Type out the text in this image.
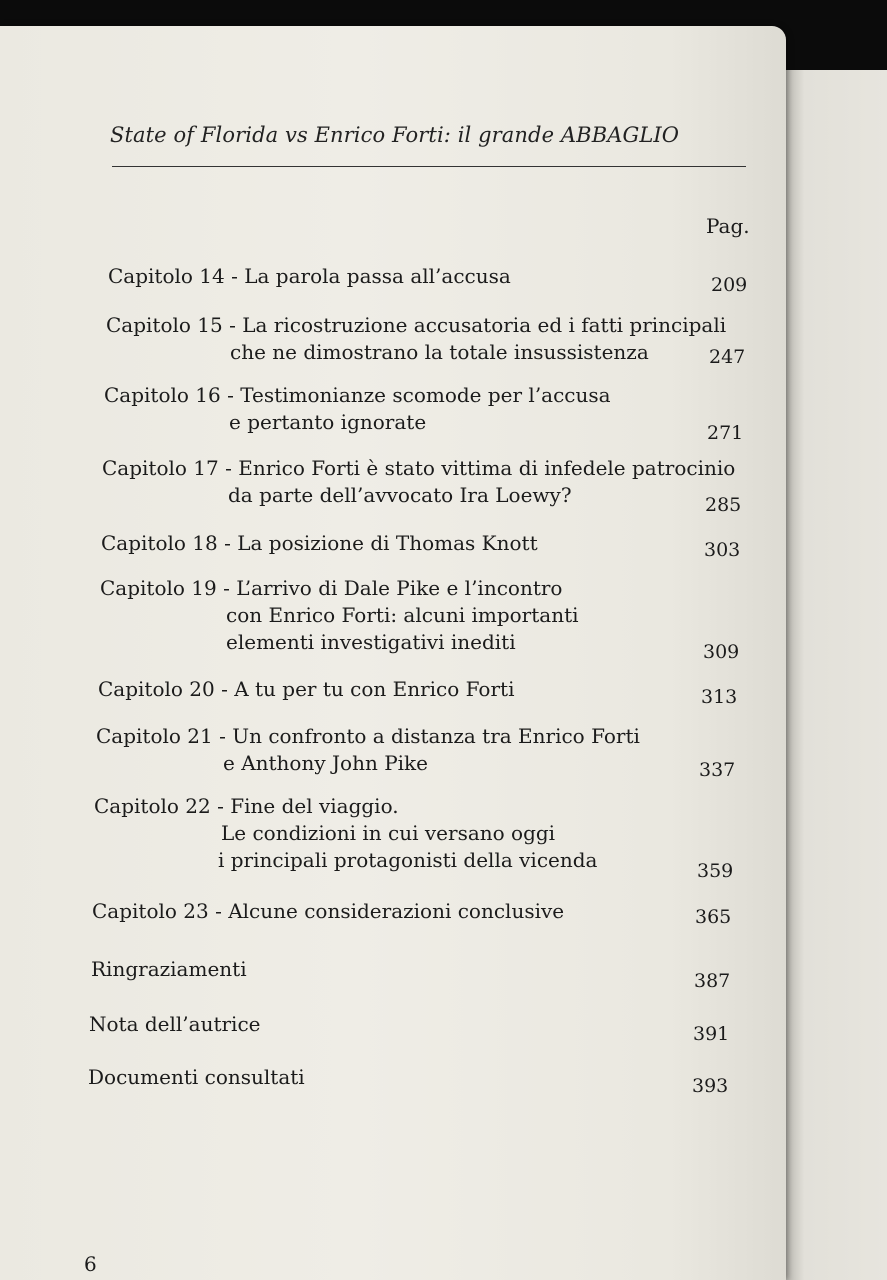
State of Florida vs Enrico Forti: il grande ABBAGLIO
Pag.
Capitolo 14 - La parola passa all’accusa	209
Capitolo 15 - La ricostruzione accusatoria ed i fatti principali
che ne dimostrano la totale insussistenza	247
Capitolo 16 - Testimonianze scomode per l’accusa
e pertanto ignorate	271
Capitolo 17 - Enrico Forti è stato vittima di infedele patrocinio
da parte dell’avvocato Ira Loewy?	285
Capitolo 18 - La posizione di Thomas Knott	303
Capitolo 19 - L’arrivo di Dale Pike e l’incontro
con Enrico Forti: alcuni importanti
elementi investigativi inediti	309
Capitolo 20 - A tu per tu con Enrico Forti	313
Capitolo 21 - Un confronto a distanza tra Enrico Forti
e Anthony John Pike	337
Capitolo 22 - Fine del viaggio.
Le condizioni in cui versano oggi
i principali protagonisti della vicenda	359
Capitolo 23 - Alcune considerazioni conclusive	365
Ringraziamenti	387
Nota dell’autrice	391
Documenti consultati	393
6
